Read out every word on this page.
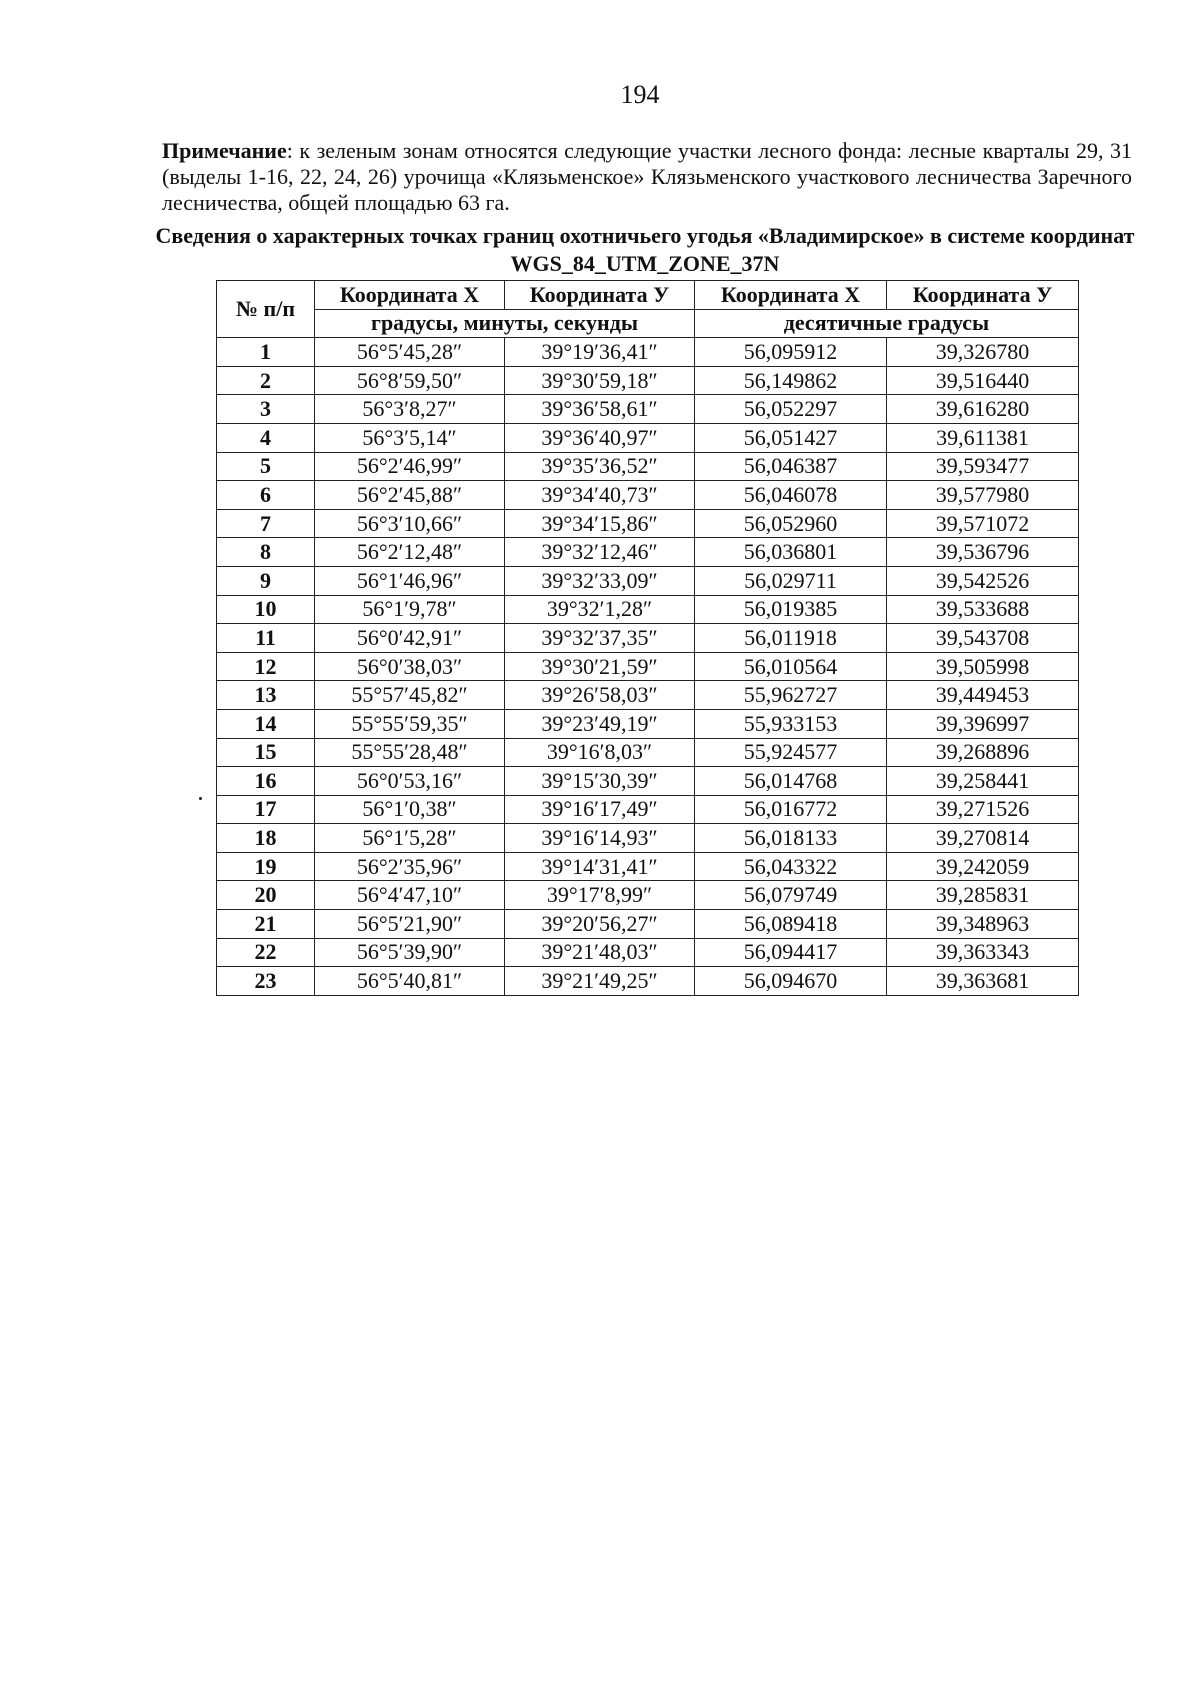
194
Примечание: к зеленым зонам относятся следующие участки лесного фонда: лесные кварталы 29, 31 (выделы 1-16, 22, 24, 26) урочища «Клязьменское» Клязьменского участкового лесничества Заречного лесничества, общей площадью 63 га.
Сведения о характерных точках границ охотничьего угодья «Владимирское» в системе координат WGS_84_UTM_ZONE_37N
№ п/п	Координата Х	Координата У	Координата Х	Координата У
	градусы, минуты, секунды		десятичные градусы	
1	56°5′45,28″	39°19′36,41″	56,095912	39,326780
2	56°8′59,50″	39°30′59,18″	56,149862	39,516440
3	56°3′8,27″	39°36′58,61″	56,052297	39,616280
4	56°3′5,14″	39°36′40,97″	56,051427	39,611381
5	56°2′46,99″	39°35′36,52″	56,046387	39,593477
6	56°2′45,88″	39°34′40,73″	56,046078	39,577980
7	56°3′10,66″	39°34′15,86″	56,052960	39,571072
8	56°2′12,48″	39°32′12,46″	56,036801	39,536796
9	56°1′46,96″	39°32′33,09″	56,029711	39,542526
10	56°1′9,78″	39°32′1,28″	56,019385	39,533688
11	56°0′42,91″	39°32′37,35″	56,011918	39,543708
12	56°0′38,03″	39°30′21,59″	56,010564	39,505998
13	55°57′45,82″	39°26′58,03″	55,962727	39,449453
14	55°55′59,35″	39°23′49,19″	55,933153	39,396997
15	55°55′28,48″	39°16′8,03″	55,924577	39,268896
16	56°0′53,16″	39°15′30,39″	56,014768	39,258441
17	56°1′0,38″	39°16′17,49″	56,016772	39,271526
18	56°1′5,28″	39°16′14,93″	56,018133	39,270814
19	56°2′35,96″	39°14′31,41″	56,043322	39,242059
20	56°4′47,10″	39°17′8,99″	56,079749	39,285831
21	56°5′21,90″	39°20′56,27″	56,089418	39,348963
22	56°5′39,90″	39°21′48,03″	56,094417	39,363343
23	56°5′40,81″	39°21′49,25″	56,094670	39,363681
